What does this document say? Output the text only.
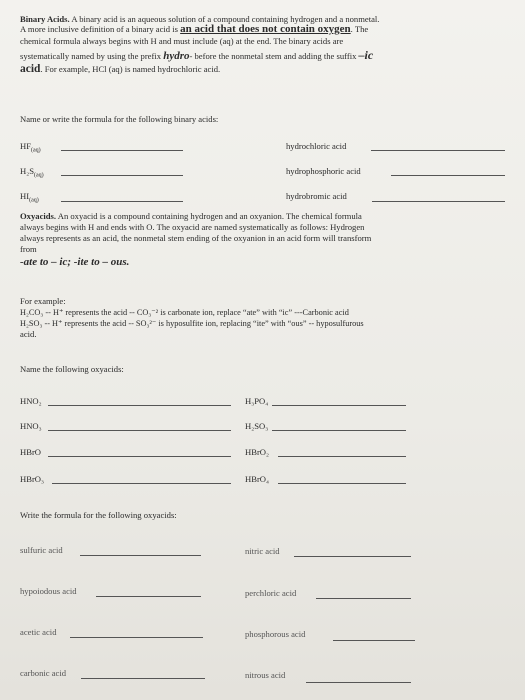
Binary Acids. A binary acid is an aqueous solution of a compound containing hydrogen and a nonmetal.
A more inclusive definition of a binary acid is an acid that does not contain oxygen. The
chemical formula always begins with H and must include (aq) at the end. The binary acids are
systematically named by using the prefix hydro- before the nonmetal stem and adding the suffix –ic
acid. For example, HCl (aq) is named hydrochloric acid.
Name or write the formula for the following binary acids:
$HF_{(aq)}$	hydrochloric acid
$H_2S_{(aq)}$	hydrophosphoric acid
$HI_{(aq)}$	hydrobromic acid
Oxyacids. An oxyacid is a compound containing hydrogen and an oxyanion. The chemical formula
always begins with H and ends with O. The oxyacid are named systematically as follows: Hydrogen
always represents as an acid, the nonmetal stem ending of the oxyanion in an acid form will transform
from
-ate to – ic; -ite to – ous.
For example:
H₂CO₃ -- H⁺ represents the acid -- CO₃⁻² is carbonate ion, replace “ate” with “ic” ---Carbonic acid
H₂SO₃ -- H⁺ represents the acid -- SO₃²⁻ is hyposulfite ion, replacing “ite” with “ous” -- hyposulfurous
acid.
Name the following oxyacids:
HNO₂	H₃PO₄
HNO₃	H₂SO₃
HBrO	HBrO₂
HBrO₃	HBrO₄
Write the formula for the following oxyacids:
sulfuric acid	nitric acid
hypoiodous acid	perchloric acid
acetic acid	phosphorous acid
carbonic acid	nitrous acid
